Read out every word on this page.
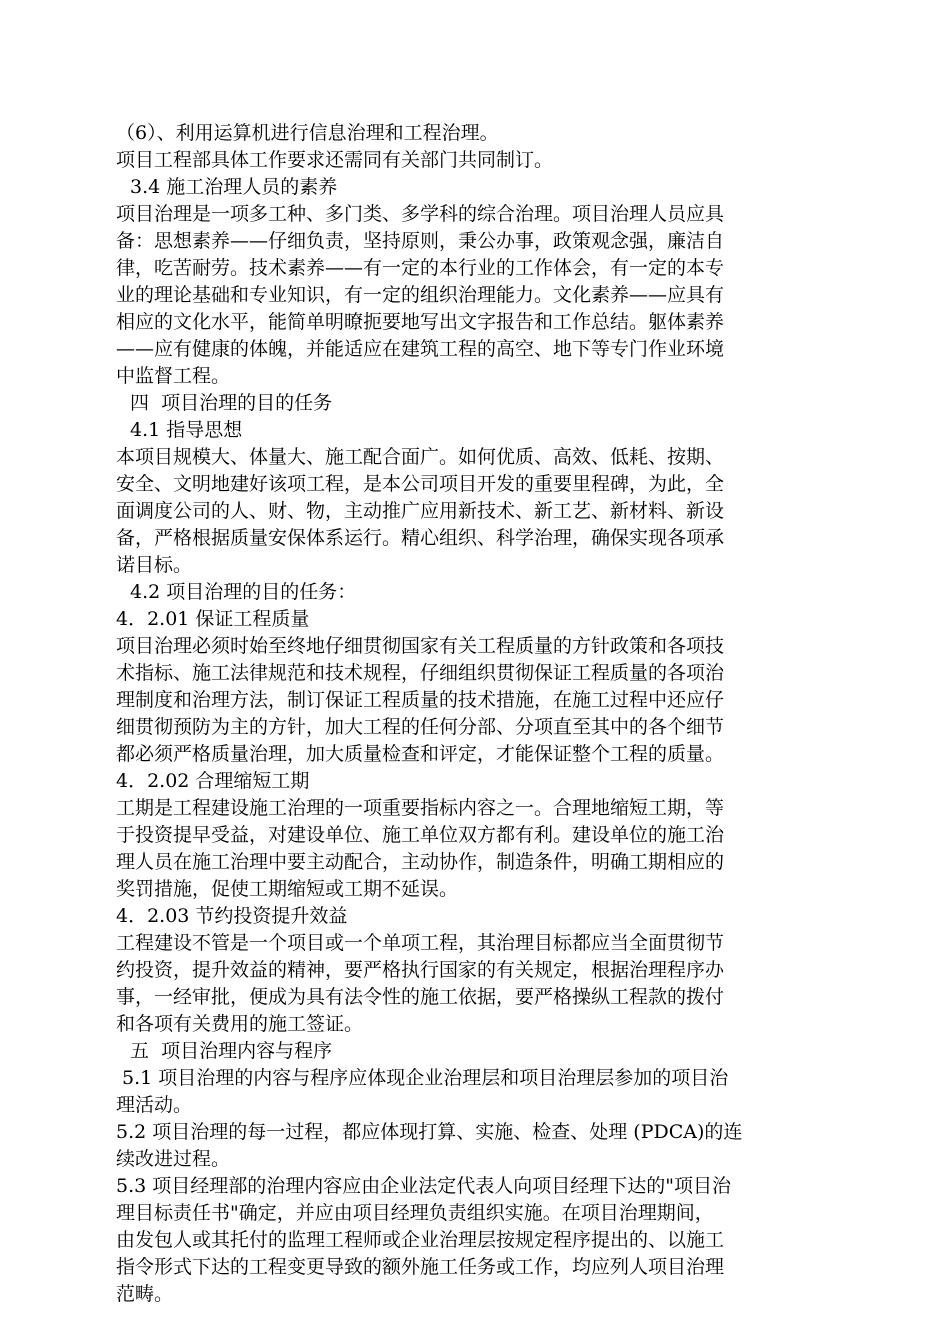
（6）、利用运算机进行信息治理和工程治理。
项目工程部具体工作要求还需同有关部门共同制订。
3.4 施工治理人员的素养
项目治理是一项多工种、多门类、多学科的综合治理。项目治理人员应具
备：思想素养——仔细负责，坚持原则，秉公办事，政策观念强，廉洁自
律，吃苦耐劳。技术素养——有一定的本行业的工作体会，有一定的本专
业的理论基础和专业知识，有一定的组织治理能力。文化素养——应具有
相应的文化水平，能简单明暸扼要地写出文字报告和工作总结。躯体素养
——应有健康的体魄，并能适应在建筑工程的高空、地下等专门作业环境
中监督工程。
四  项目治理的目的任务
4.1 指导思想
本项目规模大、体量大、施工配合面广。如何优质、高效、低耗、按期、
安全、文明地建好该项工程，是本公司项目开发的重要里程碑，为此，全
面调度公司的人、财、物，主动推广应用新技术、新工艺、新材料、新设
备，严格根据质量安保体系运行。精心组织、科学治理，确保实现各项承
诺目标。
4.2 项目治理的目的任务：
4．2.01 保证工程质量
项目治理必须时始至终地仔细贯彻国家有关工程质量的方针政策和各项技
术指标、施工法律规范和技术规程，仔细组织贯彻保证工程质量的各项治
理制度和治理方法，制订保证工程质量的技术措施，在施工过程中还应仔
细贯彻预防为主的方针，加大工程的任何分部、分项直至其中的各个细节
都必须严格质量治理，加大质量检查和评定，才能保证整个工程的质量。
4．2.02 合理缩短工期
工期是工程建设施工治理的一项重要指标内容之一。合理地缩短工期，等
于投资提早受益，对建设单位、施工单位双方都有利。建设单位的施工治
理人员在施工治理中要主动配合，主动协作，制造条件，明确工期相应的
奖罚措施，促使工期缩短或工期不延误。
4．2.03 节约投资提升效益
工程建设不管是一个项目或一个单项工程，其治理目标都应当全面贯彻节
约投资，提升效益的精神，要严格执行国家的有关规定，根据治理程序办
事，一经审批，便成为具有法令性的施工依据，要严格操纵工程款的拨付
和各项有关费用的施工签证。
五  项目治理内容与程序
5.1 项目治理的内容与程序应体现企业治理层和项目治理层参加的项目治
理活动。
5.2 项目治理的每一过程，都应体现打算、实施、检查、处理 (PDCA)的连
续改进过程。
5.3 项目经理部的治理内容应由企业法定代表人向项目经理下达的"项目治
理目标责任书"确定，并应由项目经理负责组织实施。在项目治理期间，
由发包人或其托付的监理工程师或企业治理层按规定程序提出的、以施工
指令形式下达的工程变更导致的额外施工任务或工作，均应列人项目治理
范畴。
